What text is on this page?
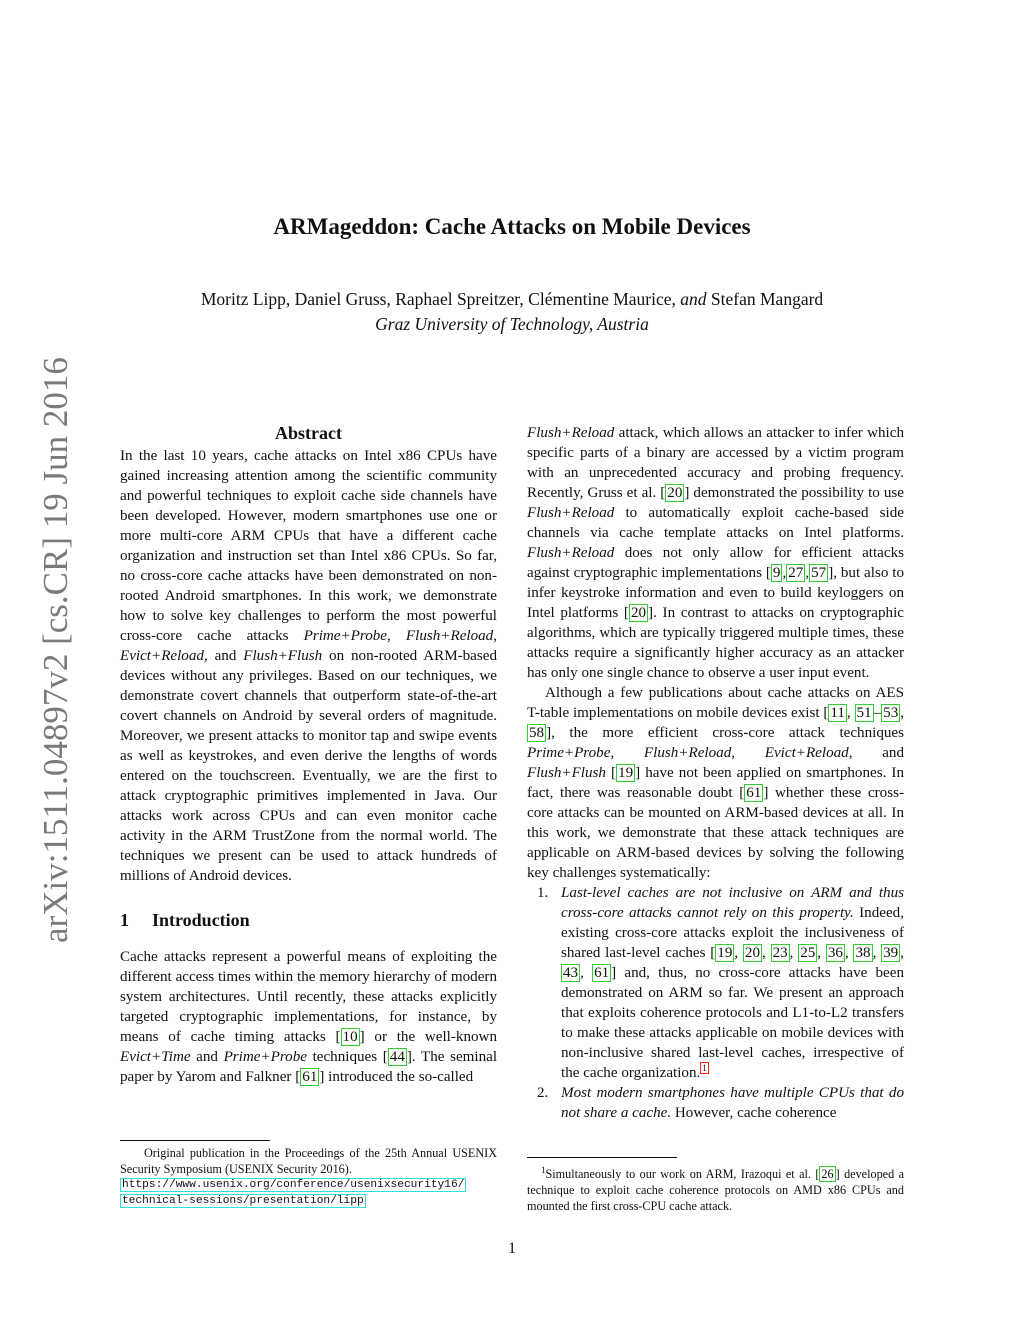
ARMageddon: Cache Attacks on Mobile Devices
Moritz Lipp, Daniel Gruss, Raphael Spreitzer, Clémentine Maurice, and Stefan Mangard
Graz University of Technology, Austria
arXiv:1511.04897v2 [cs.CR] 19 Jun 2016	Abstract

In the last 10 years, cache attacks on Intel x86 CPUs have gained increasing attention among the scientific community and powerful techniques to exploit cache side channels have been developed. However, modern smartphones use one or more multi-core ARM CPUs that have a different cache organization and instruction set than Intel x86 CPUs. So far, no cross-core cache attacks have been demonstrated on non-rooted Android smartphones. In this work, we demonstrate how to solve key challenges to perform the most powerful cross-core cache attacks Prime+Probe, Flush+Reload, Evict+Reload, and Flush+Flush on non-rooted ARM-based devices without any privileges. Based on our techniques, we demonstrate covert channels that outperform state-of-the-art covert channels on Android by several orders of magnitude. Moreover, we present attacks to monitor tap and swipe events as well as keystrokes, and even derive the lengths of words entered on the touchscreen. Eventually, we are the first to attack cryptographic primitives implemented in Java. Our attacks work across CPUs and can even monitor cache activity in the ARM TrustZone from the normal world. The techniques we present can be used to attack hundreds of millions of Android devices.

1 Introduction

Cache attacks represent a powerful means of exploiting the different access times within the memory hierarchy of modern system architectures. Until recently, these attacks explicitly targeted cryptographic implementations, for instance, by means of cache timing attacks [ 10 ] or the well-known Evict+Time and Prime+Probe techniques [ 44 ]. The seminal paper by Yarom and Falkner [ 61 ] introduced the so-called

Original publication in the Proceedings of the 25th Annual USENIX Security Symposium (USENIX Security 2016).
https://www.usenix.org/conference/usenixsecurity16/
technical-sessions/presentation/lipp

Flush+Reload attack, which allows an attacker to infer which specific parts of a binary are accessed by a victim program with an unprecedented accuracy and probing frequency. Recently, Gruss et al. [ 20 ] demonstrated the possibility to use Flush+Reload to automatically exploit cache-based side channels via cache template attacks on Intel platforms. Flush+Reload does not only allow for efficient attacks against cryptographic implementations [ 9 , 27 , 57 ], but also to infer keystroke information and even to build keyloggers on Intel platforms [ 20 ]. In contrast to attacks on cryptographic algorithms, which are typically triggered multiple times, these attacks require a significantly higher accuracy as an attacker has only one single chance to observe a user input event.

Although a few publications about cache attacks on AES T-table implementations on mobile devices exist [ 11 , 51 – 53 , 58 ], the more efficient cross-core attack techniques Prime+Probe, Flush+Reload, Evict+Reload, and Flush+Flush [ 19 ] have not been applied on smartphones. In fact, there was reasonable doubt [ 61 ] whether these cross-core attacks can be mounted on ARM-based devices at all. In this work, we demonstrate that these attack techniques are applicable on ARM-based devices by solving the following key challenges systematically:

1. Last-level caches are not inclusive on ARM and thus cross-core attacks cannot rely on this property. Indeed, existing cross-core attacks exploit the inclusiveness of shared last-level caches [ 19 , 20 , 23 , 25 , 36 , 38 , 39 , 43 , 61 ] and, thus, no cross-core attacks have been demonstrated on ARM so far. We present an approach that exploits coherence protocols and L1-to-L2 transfers to make these attacks applicable on mobile devices with non-inclusive shared last-level caches, irrespective of the cache organization. $^1$
2. Most modern smartphones have multiple CPUs that do not share a cache. However, cache coherence
$^1$Simultaneously to our work on ARM, Irazoqui et al. [ 26 ] developed a technique to exploit cache coherence protocols on AMD x86 CPUs and mounted the first cross-CPU cache attack.
1
